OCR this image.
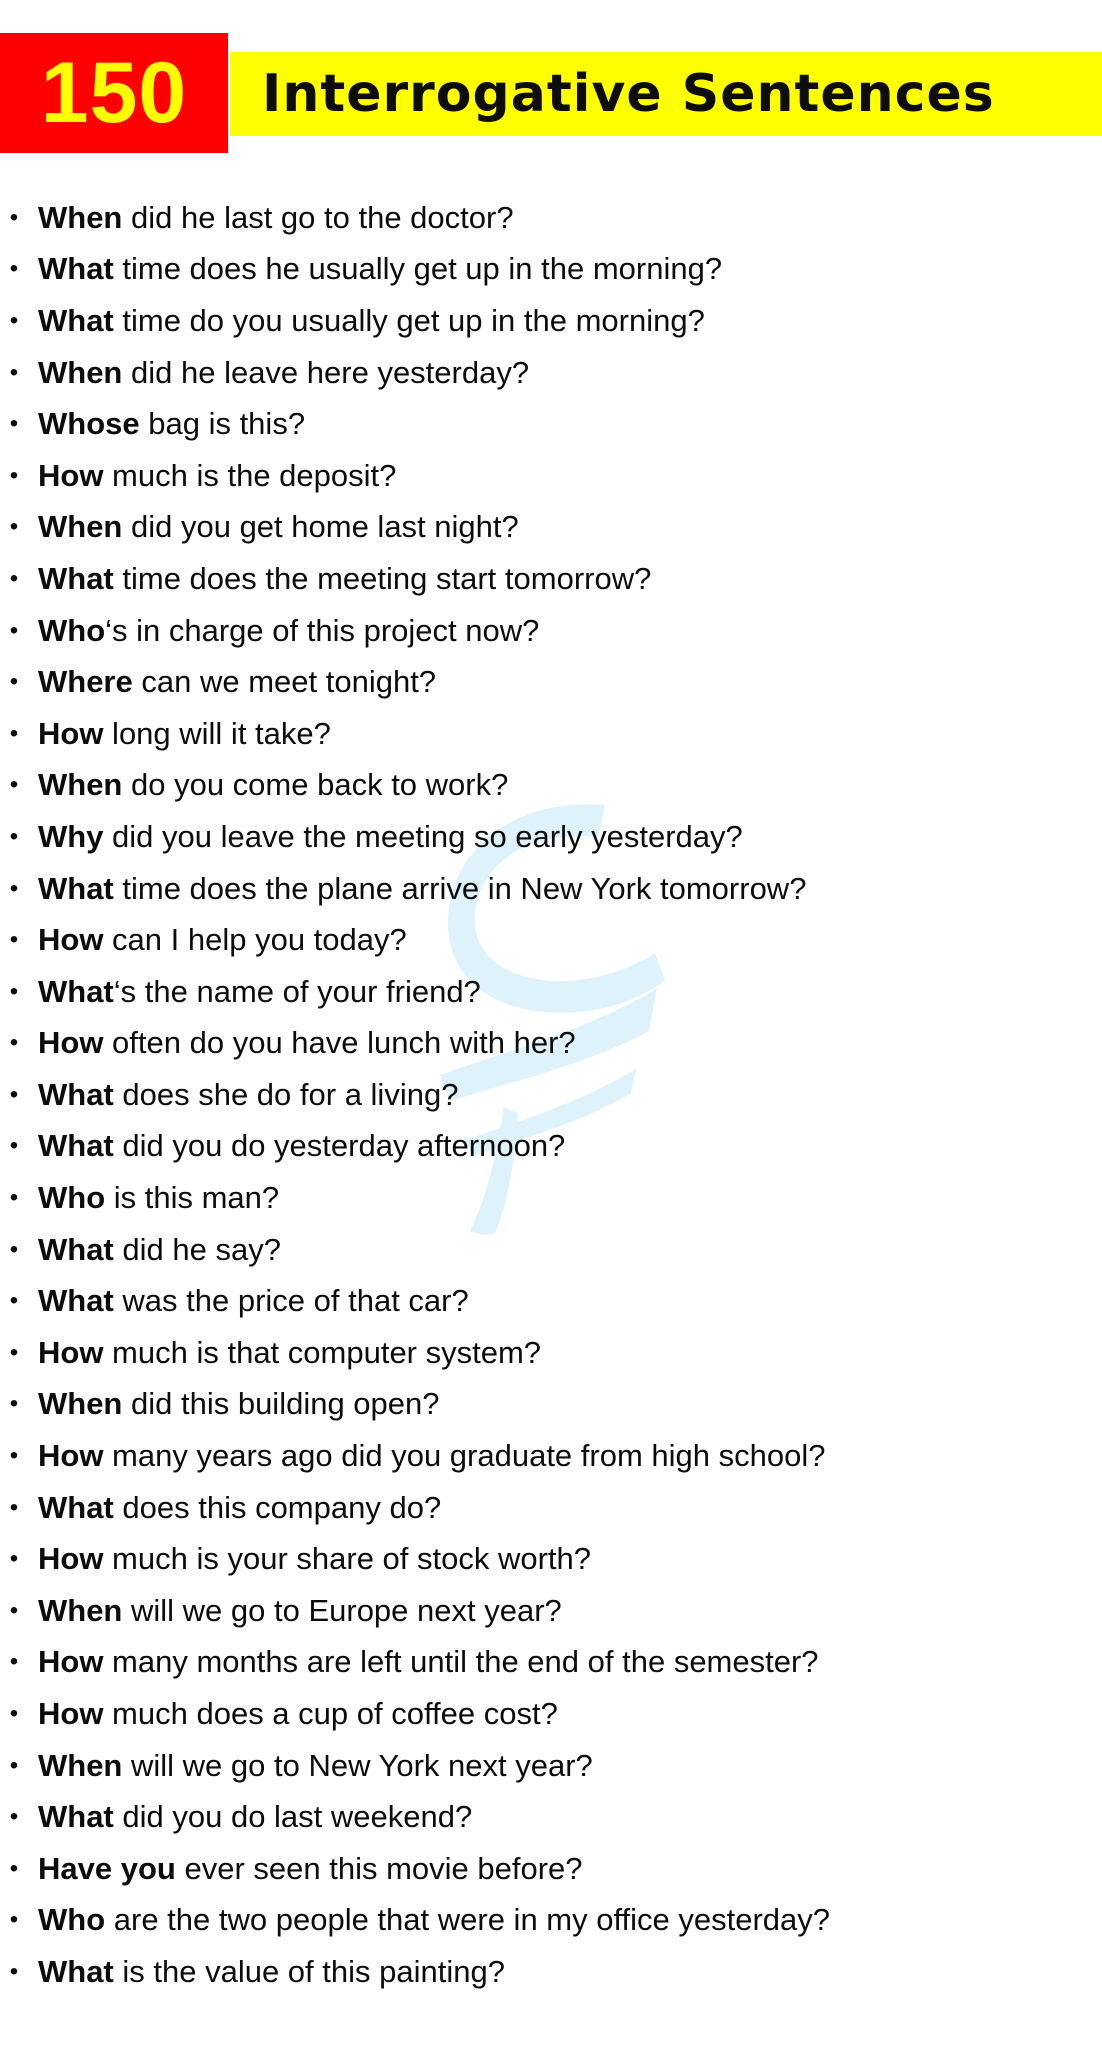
150	Interrogative Sentences
• When did he last go to the doctor?
• What time does he usually get up in the morning?
• What time do you usually get up in the morning?
• When did he leave here yesterday?
• Whose bag is this?
• How much is the deposit?
• When did you get home last night?
• What time does the meeting start tomorrow?
• Who ‘s in charge of this project now?
• Where can we meet tonight?
• How long will it take?
• When do you come back to work?
• Why did you leave the meeting so early yesterday?
• What time does the plane arrive in New York tomorrow?
• How can I help you today?
• What ‘s the name of your friend?
• How often do you have lunch with her?
• What does she do for a living?
• What did you do yesterday afternoon?
• Who is this man?
• What did he say?
• What was the price of that car?
• How much is that computer system?
• When did this building open?
• How many years ago did you graduate from high school?
• What does this company do?
• How much is your share of stock worth?
• When will we go to Europe next year?
• How many months are left until the end of the semester?
• How much does a cup of coffee cost?
• When will we go to New York next year?
• What did you do last weekend?
• Have you ever seen this movie before?
• Who are the two people that were in my office yesterday?
• What is the value of this painting?
